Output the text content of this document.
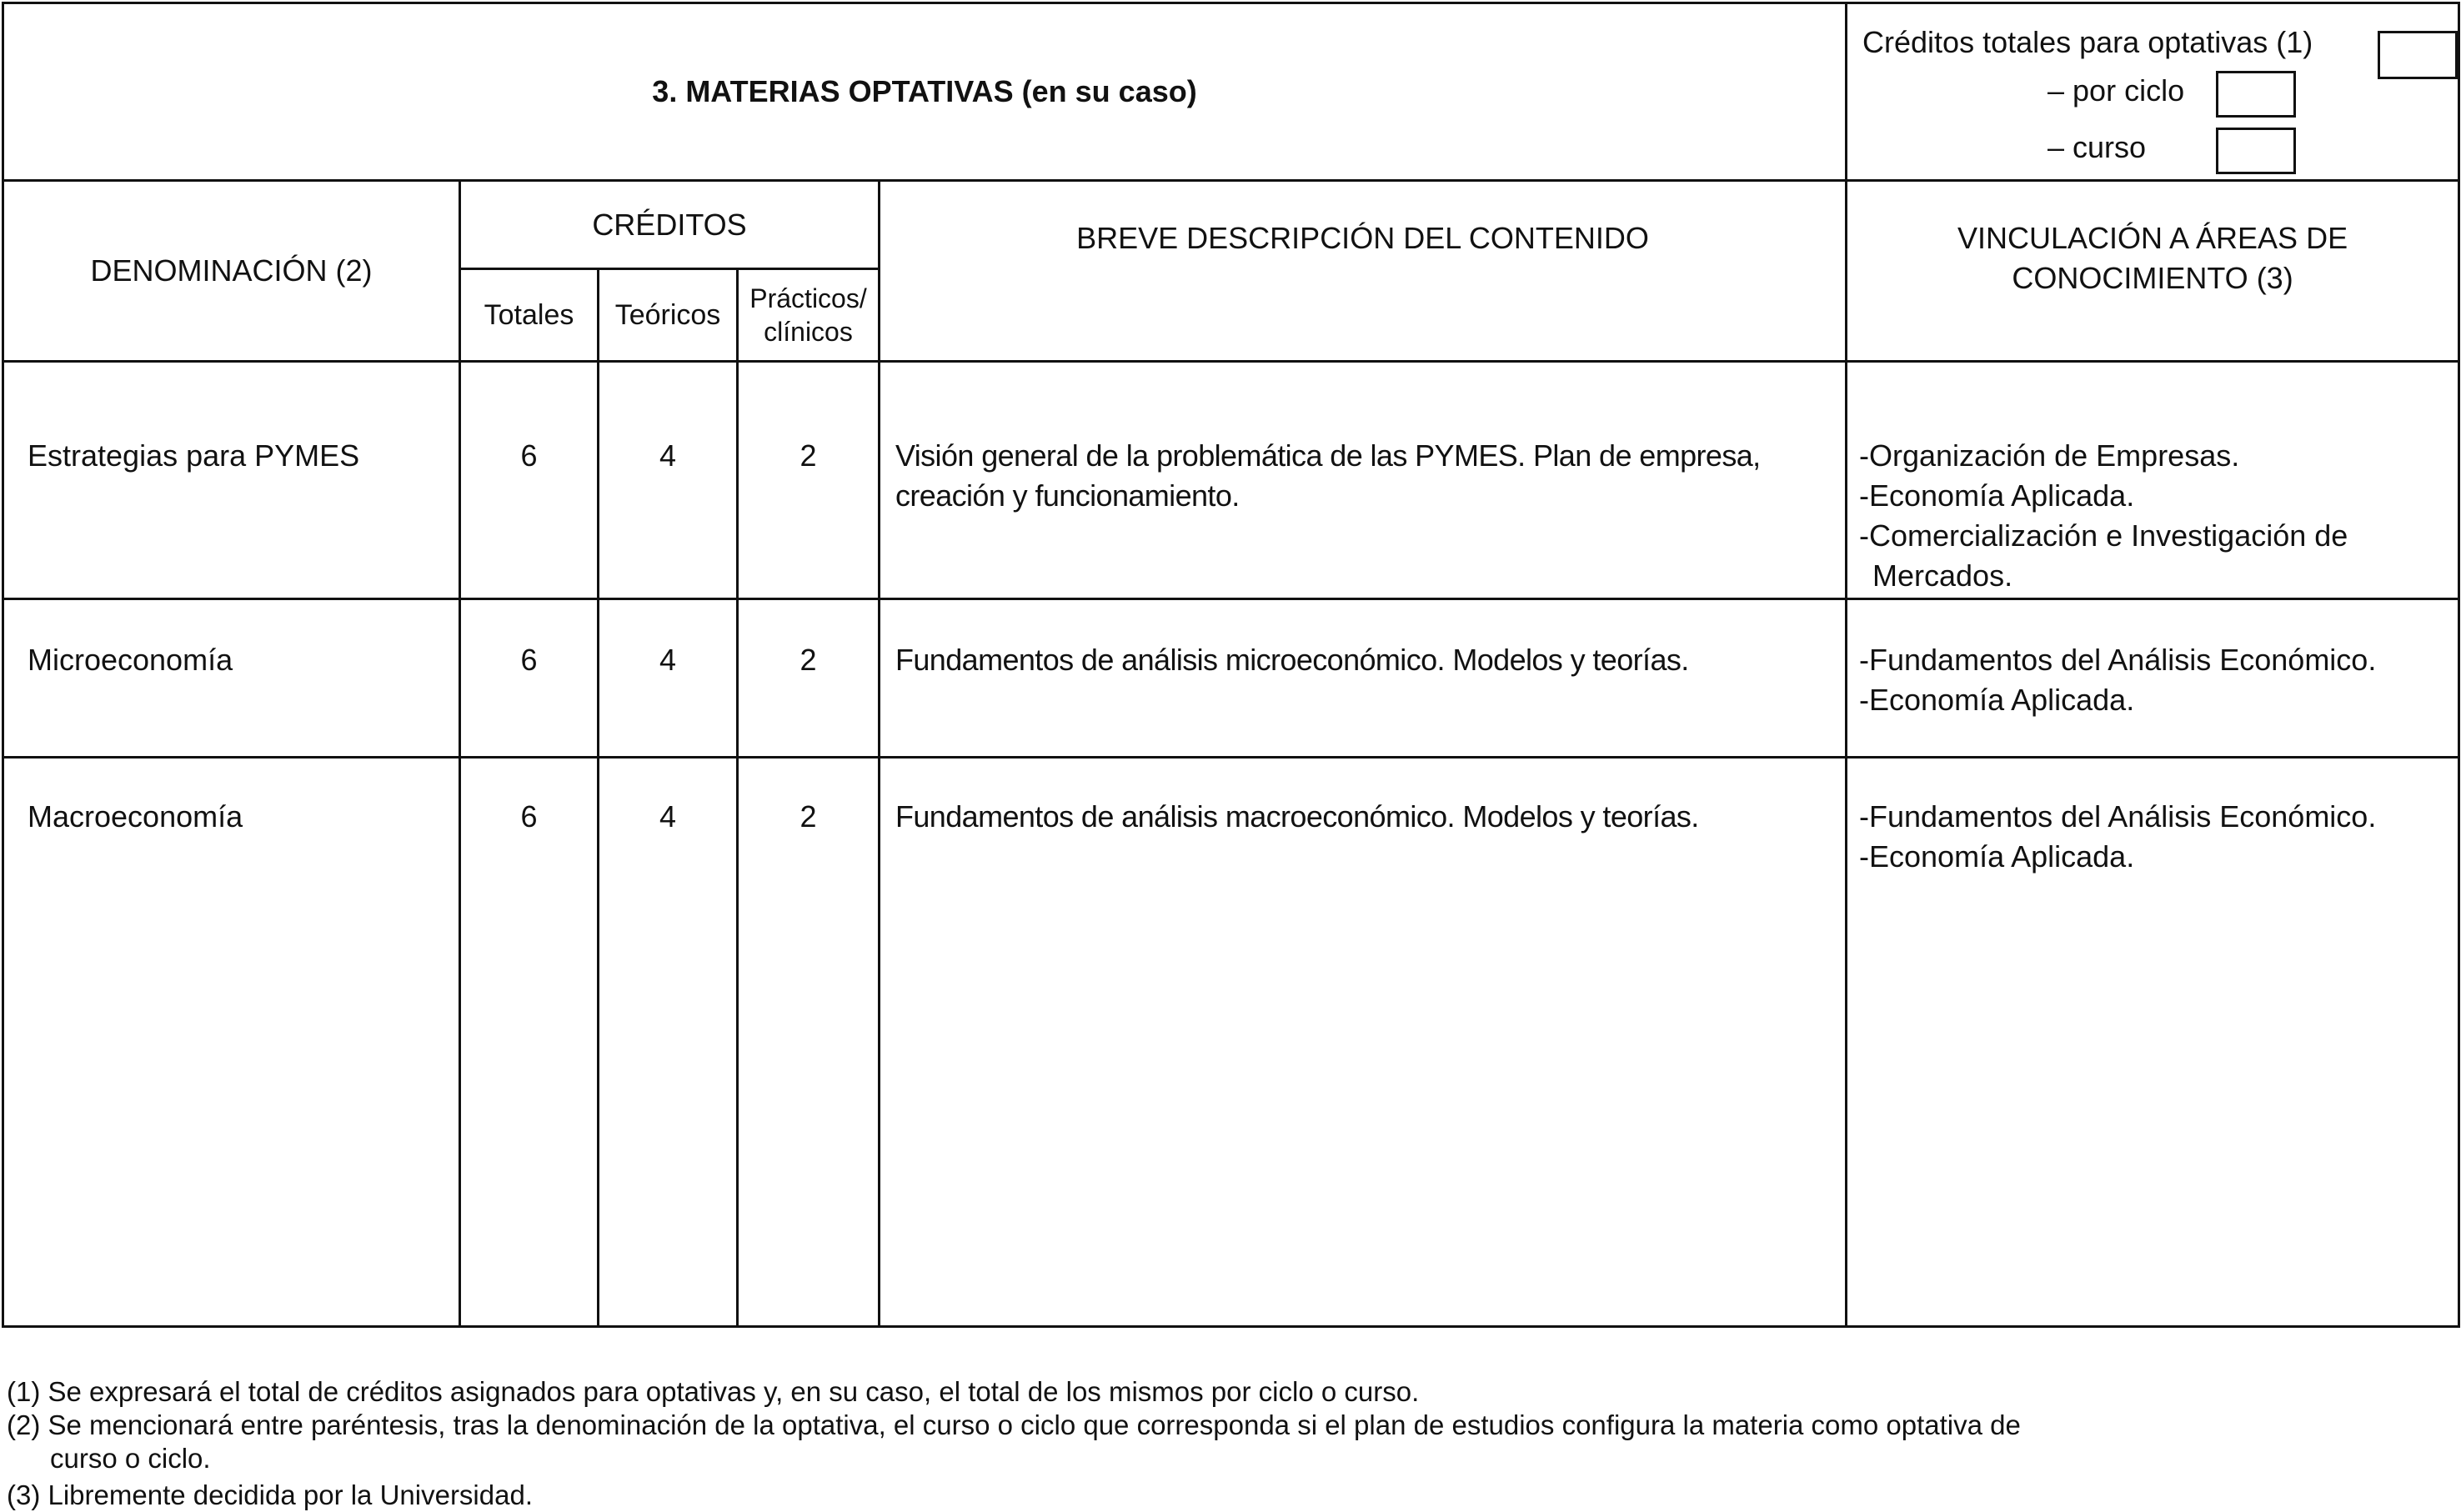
3. MATERIAS OPTATIVAS (en su caso)					Créditos totales para optativas (1)
– por ciclo
– curso

DENOMINACIÓN (2)	CRÉDITOS			BREVE DESCRIPCIÓN DEL CONTENIDO	VINCULACIÓN A ÁREAS DE CONOCIMIENTO (3)
	Totales	Teóricos	Prácticos/ clínicos		
Estrategias para PYMES	6	4	2	Visión general de la problemática de las PYMES. Plan de empresa, creación y funcionamiento.	-Organización de Empresas.
-Economía Aplicada.
-Comercialización e Investigación de
Mercados.

Microeconomía	6	4	2	Fundamentos de análisis microeconómico. Modelos y teorías.	-Fundamentos del Análisis Económico.
-Economía Aplicada.

Macroeconomía	6	4	2	Fundamentos de análisis macroeconómico. Modelos y teorías.	-Fundamentos del Análisis Económico.
-Economía Aplicada.
(1) Se expresará el total de créditos asignados para optativas y, en su caso, el total de los mismos por ciclo o curso.
(2) Se mencionará entre paréntesis, tras la denominación de la optativa, el curso o ciclo que corresponda si el plan de estudios configura la materia como optativa de
curso o ciclo.
(3) Libremente decidida por la Universidad.
